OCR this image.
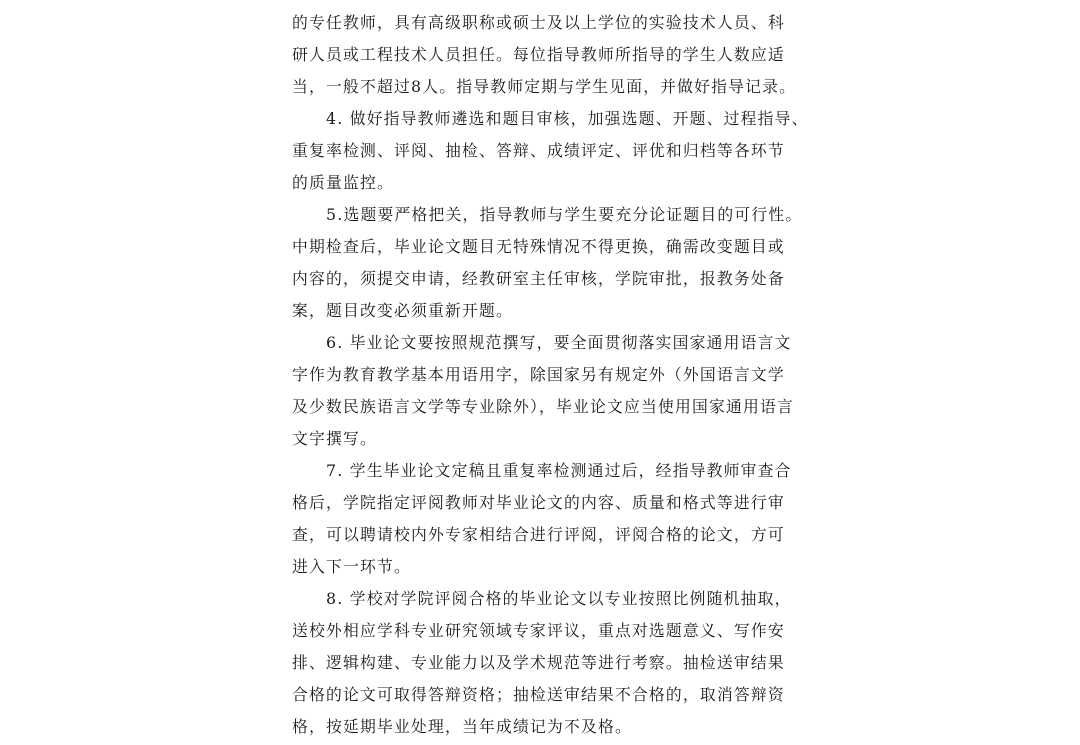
的专任教师，具有高级职称或硕士及以上学位的实验技术人员、科
研人员或工程技术人员担任。每位指导教师所指导的学生人数应适
当，一般不超过8人。指导教师定期与学生见面，并做好指导记录。
4. 做好指导教师遴选和题目审核，加强选题、开题、过程指导、
重复率检测、评阅、抽检、答辩、成绩评定、评优和归档等各环节
的质量监控。
5.选题要严格把关，指导教师与学生要充分论证题目的可行性。
中期检查后，毕业论文题目无特殊情况不得更换，确需改变题目或
内容的，须提交申请，经教研室主任审核，学院审批，报教务处备
案，题目改变必须重新开题。
6. 毕业论文要按照规范撰写，要全面贯彻落实国家通用语言文
字作为教育教学基本用语用字，除国家另有规定外（外国语言文学
及少数民族语言文学等专业除外），毕业论文应当使用国家通用语言
文字撰写。
7. 学生毕业论文定稿且重复率检测通过后，经指导教师审查合
格后，学院指定评阅教师对毕业论文的内容、质量和格式等进行审
查，可以聘请校内外专家相结合进行评阅，评阅合格的论文，方可
进入下一环节。
8. 学校对学院评阅合格的毕业论文以专业按照比例随机抽取，
送校外相应学科专业研究领域专家评议，重点对选题意义、写作安
排、逻辑构建、专业能力以及学术规范等进行考察。抽检送审结果
合格的论文可取得答辩资格；抽检送审结果不合格的，取消答辩资
格，按延期毕业处理，当年成绩记为不及格。
